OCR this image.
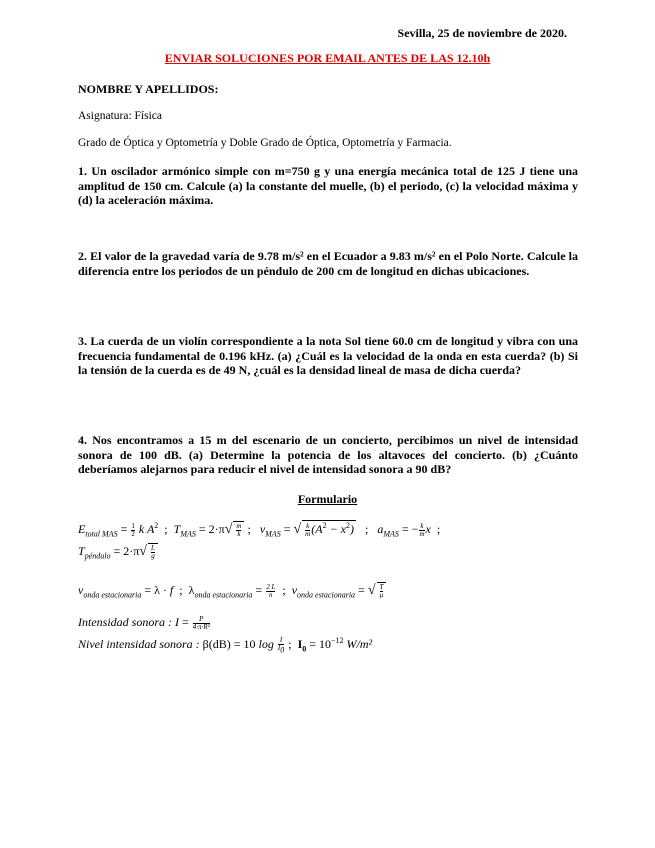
Sevilla, 25 de noviembre de 2020.
ENVIAR SOLUCIONES POR EMAIL ANTES DE LAS 12.10h
NOMBRE Y APELLIDOS:
Asignatura: Física
Grado de Óptica y Optometría y Doble Grado de Óptica, Optometría y Farmacia.

1. Un oscilador armónico simple con m=750 g y una energía mecánica total de 125 J tiene una amplitud de 150 cm. Calcule (a) la constante del muelle, (b) el periodo, (c) la velocidad máxima y (d) la aceleración máxima.

2. El valor de la gravedad varía de 9.78 m/s² en el Ecuador a 9.83 m/s² en el Polo Norte. Calcule la diferencia entre los periodos de un péndulo de 200 cm de longitud en dichas ubicaciones.

3. La cuerda de un violín correspondiente a la nota Sol tiene 60.0 cm de longitud y vibra con una frecuencia fundamental de 0.196 kHz. (a) ¿Cuál es la velocidad de la onda en esta cuerda? (b) Si la tensión de la cuerda es de 49 N, ¿cuál es la densidad lineal de masa de dicha cuerda?

4. Nos encontramos a 15 m del escenario de un concierto, percibimos un nivel de intensidad sonora de 100 dB. (a) Determine la potencia de los altavoces del concierto. (b) ¿Cuánto deberíamos alejarnos para reducir el nivel de intensidad sonora a 90 dB?

Formulario
$E_{total MAS} = \frac{1}{2}$ k $A^2$  ;  $T_{MAS} = 2\cdot\pi√ \frac{m}{k}$ ;   $v_{MAS}$ = √ $\frac{k}{m} (A^2 - x^2)$   ;   $a_{MAS}$ = − $\frac{k}{m}$ x  ;
$T_{péndulo} = 2\cdot\pi√ \frac{L}{g}$
$v_{onda estacionaria} = \lambda \cdot f$  ;  $\lambda_{onda estacionaria} = \frac{2 L}{n}$ ;  $v_{onda estacionaria}$ = √ $\frac{T}{\mu}$
Intensidad sonora : $I = \frac{P}{\text{4·π·R²}}$
Nivel intensidad sonora : β(dB) = 10 $\log \frac{I}{I_0}$ ;  $I_0 = 10^{-12}$ W/m²
